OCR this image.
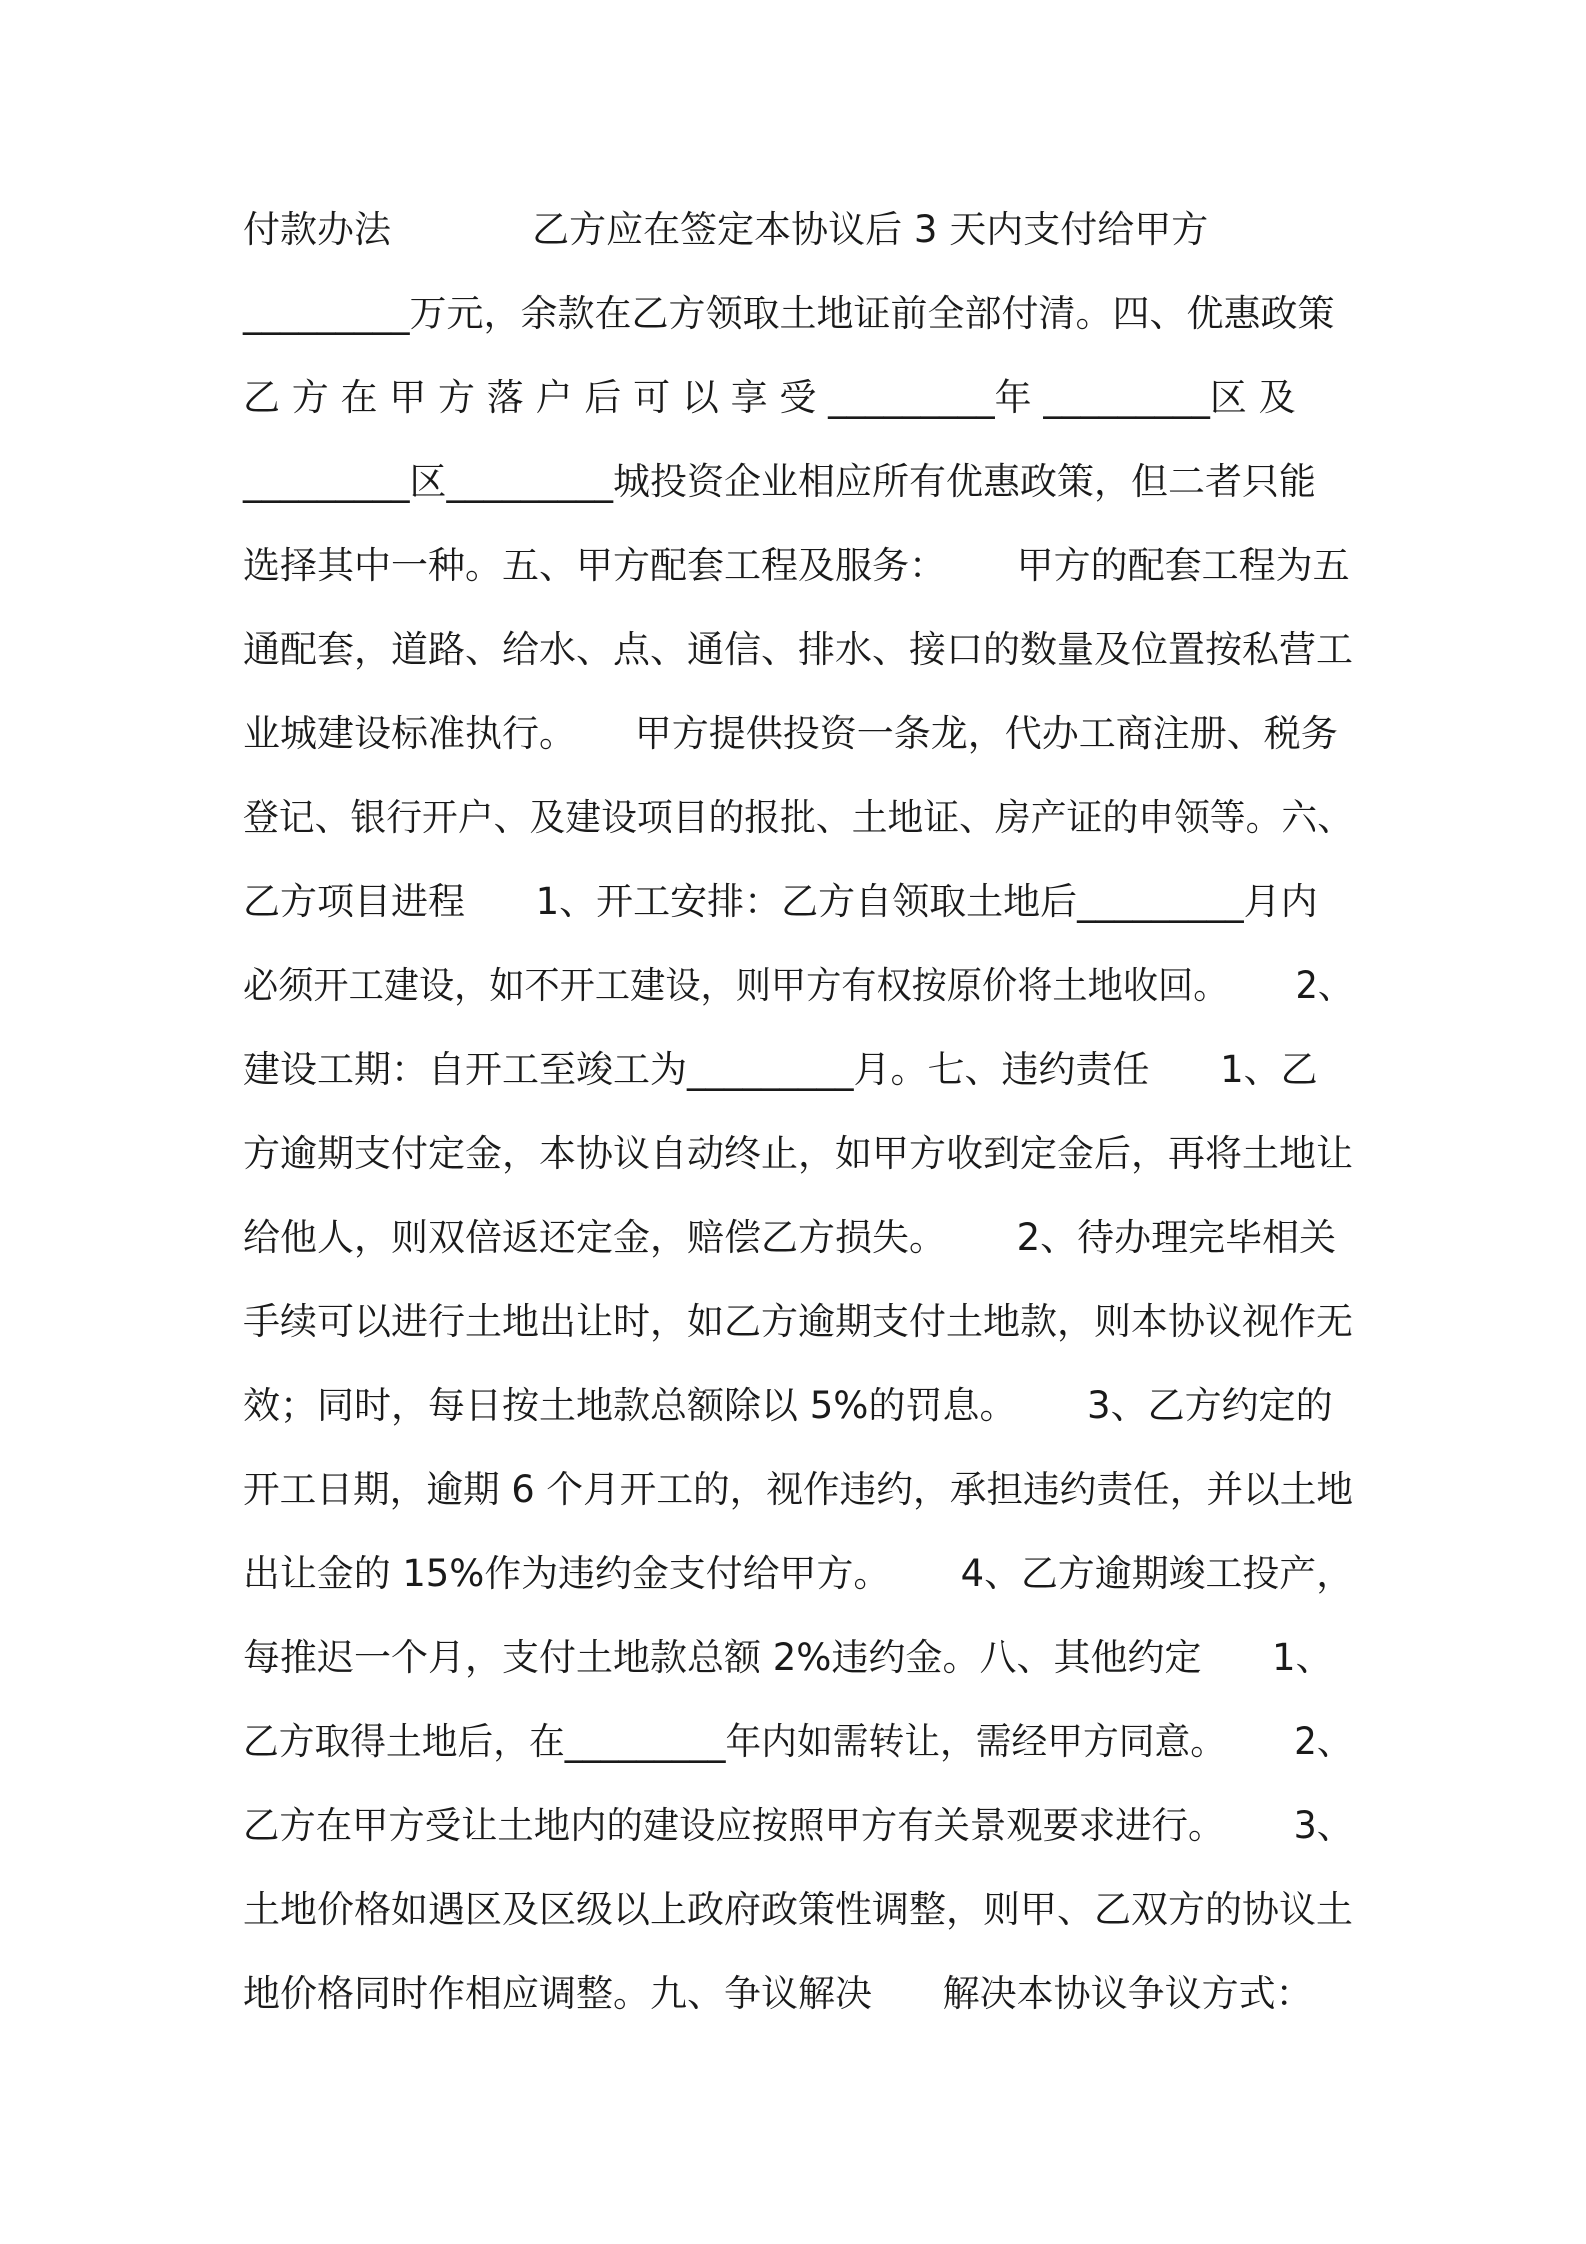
付款办法            乙方应在签定本协议后 3 天内支付给甲方
_________万元，余款在乙方领取土地证前全部付清。四、优惠政策
乙 方 在 甲 方 落 户 后 可 以 享 受 _________年 _________区 及
_________区_________城投资企业相应所有优惠政策，但二者只能
选择其中一种。五、甲方配套工程及服务：      甲方的配套工程为五
通配套，道路、给水、点、通信、排水、接口的数量及位置按私营工
业城建设标准执行。     甲方提供投资一条龙，代办工商注册、税务
登记、银行开户、及建设项目的报批、土地证、房产证的申领等。六、
乙方项目进程      1、开工安排：乙方自领取土地后_________月内
必须开工建设，如不开工建设，则甲方有权按原价将土地收回。      2、
建设工期：自开工至竣工为_________月。七、违约责任      1、乙
方逾期支付定金，本协议自动终止，如甲方收到定金后，再将土地让
给他人，则双倍返还定金，赔偿乙方损失。      2、待办理完毕相关
手续可以进行土地出让时，如乙方逾期支付土地款，则本协议视作无
效；同时，每日按土地款总额除以 5%的罚息。      3、乙方约定的
开工日期，逾期 6 个月开工的，视作违约，承担违约责任，并以土地
出让金的 15%作为违约金支付给甲方。      4、乙方逾期竣工投产，
每推迟一个月，支付土地款总额 2%违约金。八、其他约定      1、
乙方取得土地后，在_________年内如需转让，需经甲方同意。      2、
乙方在甲方受让土地内的建设应按照甲方有关景观要求进行。      3、
土地价格如遇区及区级以上政府政策性调整，则甲、乙双方的协议土
地价格同时作相应调整。九、争议解决      解决本协议争议方式：
